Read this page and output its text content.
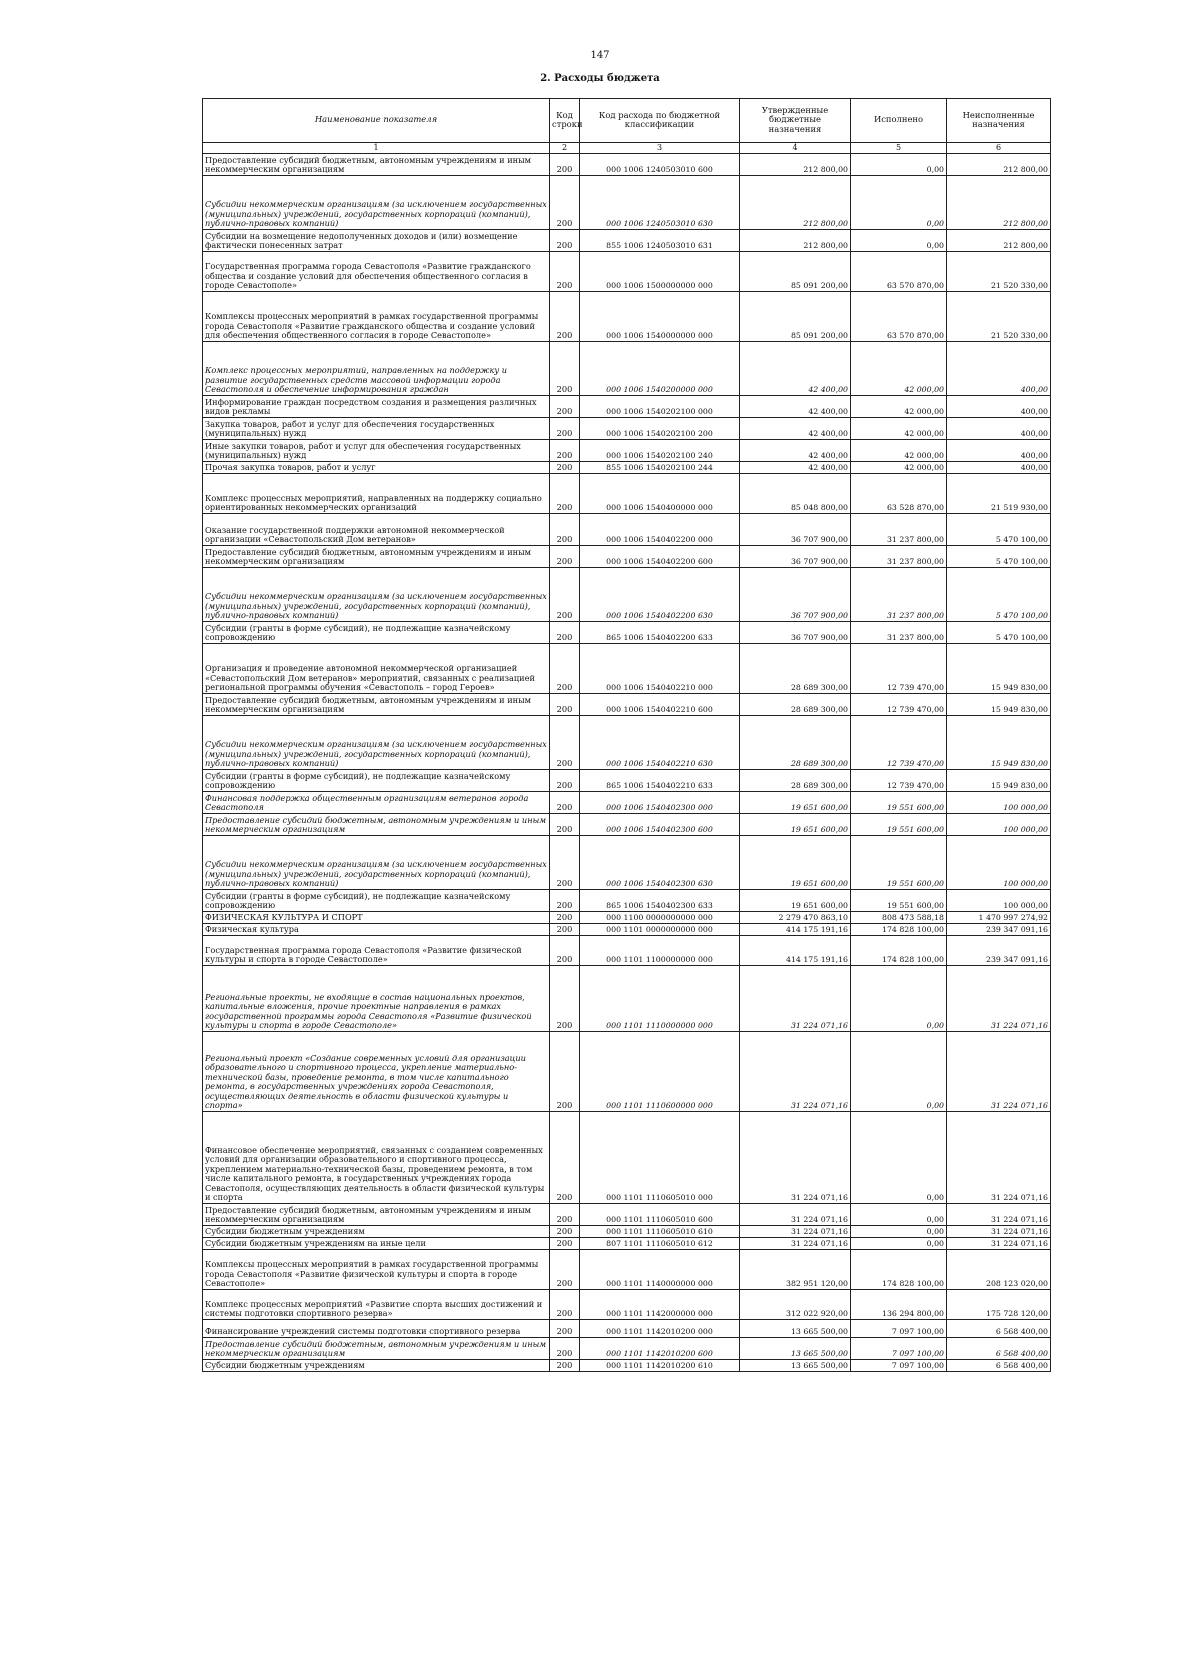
147
2. Расходы бюджета
Наименование показателя	Код строки	Код расхода по бюджетной классификации	Утвержденные бюджетные назначения	Исполнено	Неисполненные назначения
1	2	3	4	5	6
Предоставление субсидий бюджетным, автономным учреждениям и иным некоммерческим организациям	200	000 1006 1240503010 600	212 800,00	0,00	212 800,00
Субсидии некоммерческим организациям (за исключением государственных (муниципальных) учреждений, государственных корпораций (компаний), публично-правовых компаний)	200	000 1006 1240503010 630	212 800,00	0,00	212 800,00
Субсидии на возмещение недополученных доходов и (или) возмещение фактически понесенных затрат	200	855 1006 1240503010 631	212 800,00	0,00	212 800,00
Государственная программа города Севастополя «Развитие гражданского общества и создание условий для обеспечения общественного согласия в городе Севастополе»	200	000 1006 1500000000 000	85 091 200,00	63 570 870,00	21 520 330,00
Комплексы процессных мероприятий в рамках государственной программы города Севастополя «Развитие гражданского общества и создание условий для обеспечения общественного согласия в городе Севастополе»	200	000 1006 1540000000 000	85 091 200,00	63 570 870,00	21 520 330,00
Комплекс процессных мероприятий, направленных на поддержку и развитие государственных средств массовой информации города Севастополя и обеспечение информирования граждан	200	000 1006 1540200000 000	42 400,00	42 000,00	400,00
Информирование граждан посредством создания и размещения различных видов рекламы	200	000 1006 1540202100 000	42 400,00	42 000,00	400,00
Закупка товаров, работ и услуг для обеспечения государственных (муниципальных) нужд	200	000 1006 1540202100 200	42 400,00	42 000,00	400,00
Иные закупки товаров, работ и услуг для обеспечения государственных (муниципальных) нужд	200	000 1006 1540202100 240	42 400,00	42 000,00	400,00
Прочая закупка товаров, работ и услуг	200	855 1006 1540202100 244	42 400,00	42 000,00	400,00
Комплекс процессных мероприятий, направленных на поддержку социально ориентированных некоммерческих организаций	200	000 1006 1540400000 000	85 048 800,00	63 528 870,00	21 519 930,00
Оказание государственной поддержки автономной некоммерческой организации «Севастопольский Дом ветеранов»	200	000 1006 1540402200 000	36 707 900,00	31 237 800,00	5 470 100,00
Предоставление субсидий бюджетным, автономным учреждениям и иным некоммерческим организациям	200	000 1006 1540402200 600	36 707 900,00	31 237 800,00	5 470 100,00
Субсидии некоммерческим организациям (за исключением государственных (муниципальных) учреждений, государственных корпораций (компаний), публично-правовых компаний)	200	000 1006 1540402200 630	36 707 900,00	31 237 800,00	5 470 100,00
Субсидии (гранты в форме субсидий), не подлежащие казначейскому сопровождению	200	865 1006 1540402200 633	36 707 900,00	31 237 800,00	5 470 100,00
Организация и проведение автономной некоммерческой организацией «Севастопольский Дом ветеранов» мероприятий, связанных с реализацией региональной программы обучения «Севастополь – город Героев»	200	000 1006 1540402210 000	28 689 300,00	12 739 470,00	15 949 830,00
Предоставление субсидий бюджетным, автономным учреждениям и иным некоммерческим организациям	200	000 1006 1540402210 600	28 689 300,00	12 739 470,00	15 949 830,00
Субсидии некоммерческим организациям (за исключением государственных (муниципальных) учреждений, государственных корпораций (компаний), публично-правовых компаний)	200	000 1006 1540402210 630	28 689 300,00	12 739 470,00	15 949 830,00
Субсидии (гранты в форме субсидий), не подлежащие казначейскому сопровождению	200	865 1006 1540402210 633	28 689 300,00	12 739 470,00	15 949 830,00
Финансовая поддержка общественным организациям ветеранов города Севастополя	200	000 1006 1540402300 000	19 651 600,00	19 551 600,00	100 000,00
Предоставление субсидий бюджетным, автономным учреждениям и иным некоммерческим организациям	200	000 1006 1540402300 600	19 651 600,00	19 551 600,00	100 000,00
Субсидии некоммерческим организациям (за исключением государственных (муниципальных) учреждений, государственных корпораций (компаний), публично-правовых компаний)	200	000 1006 1540402300 630	19 651 600,00	19 551 600,00	100 000,00
Субсидии (гранты в форме субсидий), не подлежащие казначейскому сопровождению	200	865 1006 1540402300 633	19 651 600,00	19 551 600,00	100 000,00
ФИЗИЧЕСКАЯ КУЛЬТУРА И СПОРТ	200	000 1100 0000000000 000	2 279 470 863,10	808 473 588,18	1 470 997 274,92
Физическая культура	200	000 1101 0000000000 000	414 175 191,16	174 828 100,00	239 347 091,16
Государственная программа города Севастополя «Развитие физической культуры и спорта в городе Севастополе»	200	000 1101 1100000000 000	414 175 191,16	174 828 100,00	239 347 091,16
Региональные проекты, не входящие в состав национальных проектов, капитальные вложения, прочие проектные направления в рамках государственной программы города Севастополя «Развитие физической культуры и спорта в городе Севастополе»	200	000 1101 1110000000 000	31 224 071,16	0,00	31 224 071,16
Региональный проект «Создание современных условий для организации образовательного и спортивного процесса, укрепление материально-технической базы, проведение ремонта, в том числе капитального ремонта, в государственных учреждениях города Севастополя, осуществляющих деятельность в области физической культуры и спорта»	200	000 1101 1110600000 000	31 224 071,16	0,00	31 224 071,16
Финансовое обеспечение мероприятий, связанных с созданием современных условий для организации образовательного и спортивного процесса, укреплением материально-технической базы, проведением ремонта, в том числе капитального ремонта, в государственных учреждениях города Севастополя, осуществляющих деятельность в области физической культуры и спорта	200	000 1101 1110605010 000	31 224 071,16	0,00	31 224 071,16
Предоставление субсидий бюджетным, автономным учреждениям и иным некоммерческим организациям	200	000 1101 1110605010 600	31 224 071,16	0,00	31 224 071,16
Субсидии бюджетным учреждениям	200	000 1101 1110605010 610	31 224 071,16	0,00	31 224 071,16
Субсидии бюджетным учреждениям на иные цели	200	807 1101 1110605010 612	31 224 071,16	0,00	31 224 071,16
Комплексы процессных мероприятий в рамках государственной программы города Севастополя «Развитие физической культуры и спорта в городе Севастополе»	200	000 1101 1140000000 000	382 951 120,00	174 828 100,00	208 123 020,00
Комплекс процессных мероприятий «Развитие спорта высших достижений и системы подготовки спортивного резерва»	200	000 1101 1142000000 000	312 022 920,00	136 294 800,00	175 728 120,00
Финансирование учреждений системы подготовки спортивного резерва	200	000 1101 1142010200 000	13 665 500,00	7 097 100,00	6 568 400,00
Предоставление субсидий бюджетным, автономным учреждениям и иным некоммерческим организациям	200	000 1101 1142010200 600	13 665 500,00	7 097 100,00	6 568 400,00
Субсидии бюджетным учреждениям	200	000 1101 1142010200 610	13 665 500,00	7 097 100,00	6 568 400,00
